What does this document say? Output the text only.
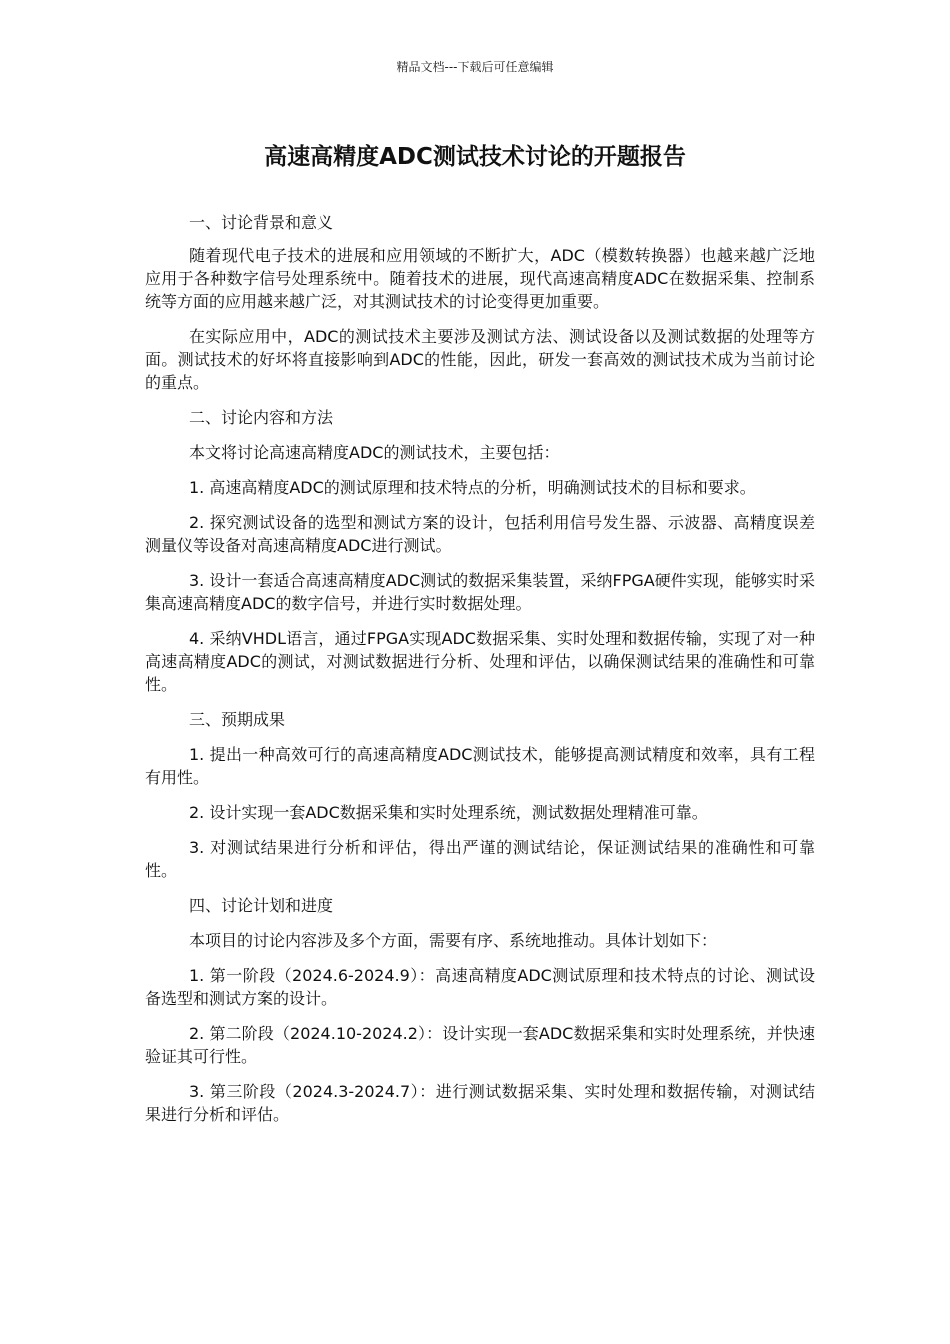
精品文档---下载后可任意编辑
高速高精度ADC测试技术讨论的开题报告

一、讨论背景和意义

随着现代电子技术的进展和应用领域的不断扩大，ADC（模数转换器）也越来越广泛地应用于各种数字信号处理系统中。随着技术的进展，现代高速高精度ADC在数据采集、控制系统等方面的应用越来越广泛，对其测试技术的讨论变得更加重要。

在实际应用中，ADC的测试技术主要涉及测试方法、测试设备以及测试数据的处理等方面。测试技术的好坏将直接影响到ADC的性能，因此，研发一套高效的测试技术成为当前讨论的重点。

二、讨论内容和方法

本文将讨论高速高精度ADC的测试技术，主要包括：

1. 高速高精度ADC的测试原理和技术特点的分析，明确测试技术的目标和要求。

2. 探究测试设备的选型和测试方案的设计，包括利用信号发生器、示波器、高精度误差测量仪等设备对高速高精度ADC进行测试。

3. 设计一套适合高速高精度ADC测试的数据采集装置，采纳FPGA硬件实现，能够实时采集高速高精度ADC的数字信号，并进行实时数据处理。

4. 采纳VHDL语言，通过FPGA实现ADC数据采集、实时处理和数据传输，实现了对一种高速高精度ADC的测试，对测试数据进行分析、处理和评估，以确保测试结果的准确性和可靠性。

三、预期成果

1. 提出一种高效可行的高速高精度ADC测试技术，能够提高测试精度和效率，具有工程有用性。

2. 设计实现一套ADC数据采集和实时处理系统，测试数据处理精准可靠。

3. 对测试结果进行分析和评估，得出严谨的测试结论，保证测试结果的准确性和可靠性。

四、讨论计划和进度

本项目的讨论内容涉及多个方面，需要有序、系统地推动。具体计划如下：

1. 第一阶段（2024.6-2024.9）：高速高精度ADC测试原理和技术特点的讨论、测试设备选型和测试方案的设计。

2. 第二阶段（2024.10-2024.2）：设计实现一套ADC数据采集和实时处理系统，并快速验证其可行性。

3. 第三阶段（2024.3-2024.7）：进行测试数据采集、实时处理和数据传输，对测试结果进行分析和评估。
